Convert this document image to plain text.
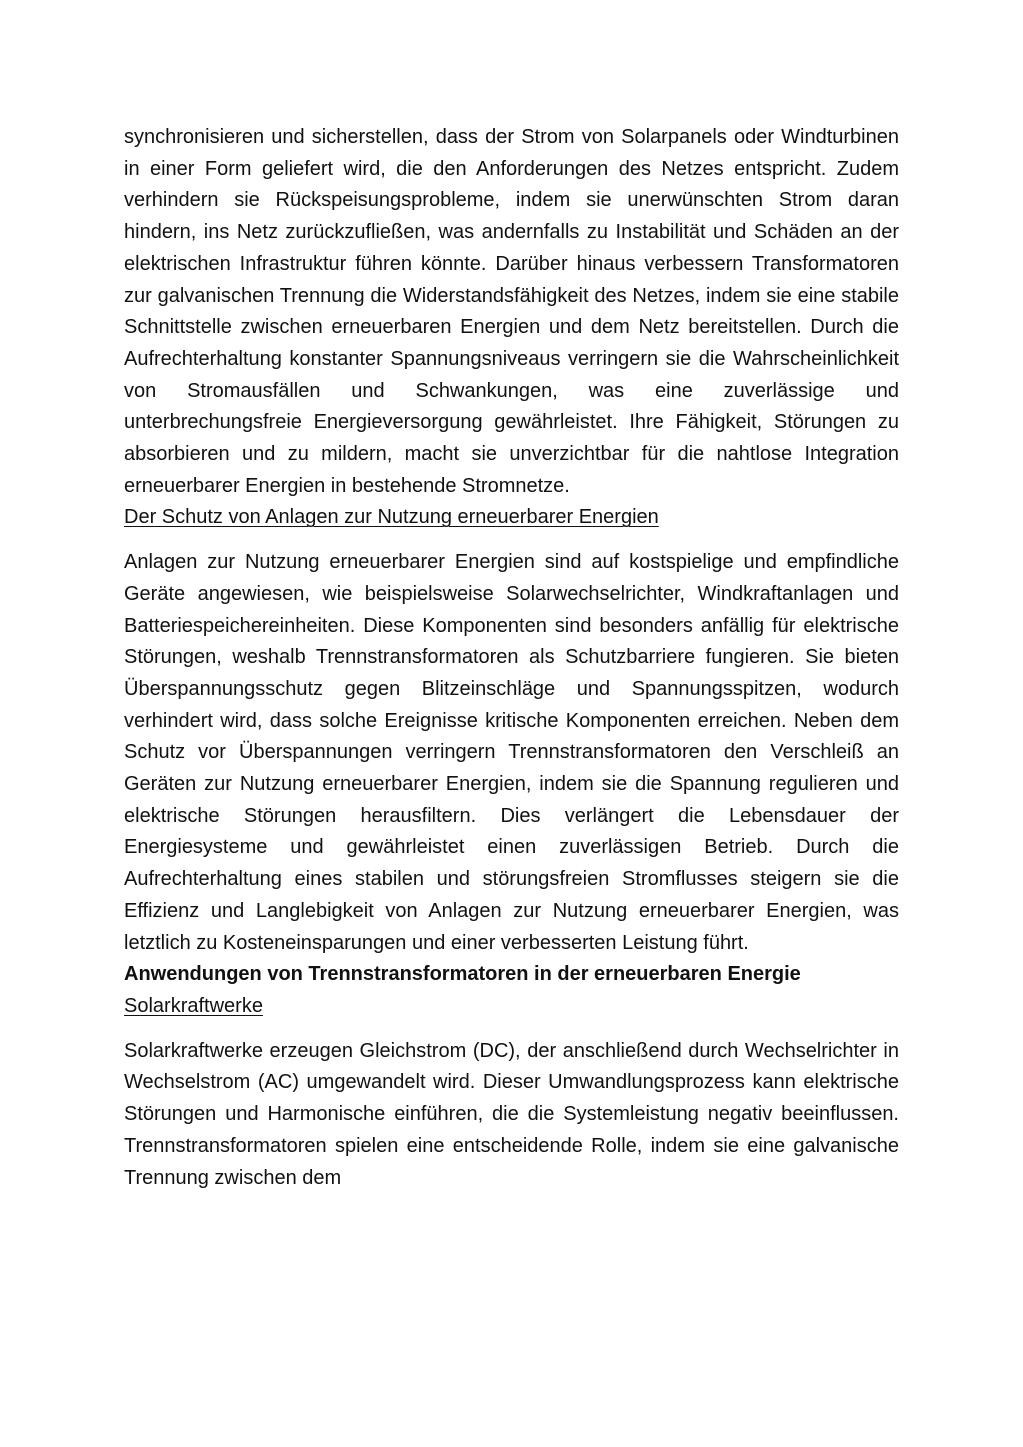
synchronisieren und sicherstellen, dass der Strom von Solarpanels oder Windturbinen in einer Form geliefert wird, die den Anforderungen des Netzes entspricht. Zudem verhindern sie Rückspeisungsprobleme, indem sie unerwünschten Strom daran hindern, ins Netz zurückzufließen, was andernfalls zu Instabilität und Schäden an der elektrischen Infrastruktur führen könnte. Darüber hinaus verbessern Transformatoren zur galvanischen Trennung die Widerstandsfähigkeit des Netzes, indem sie eine stabile Schnittstelle zwischen erneuerbaren Energien und dem Netz bereitstellen. Durch die Aufrechterhaltung konstanter Spannungsniveaus verringern sie die Wahrscheinlichkeit von Stromausfällen und Schwankungen, was eine zuverlässige und unterbrechungsfreie Energieversorgung gewährleistet. Ihre Fähigkeit, Störungen zu absorbieren und zu mildern, macht sie unverzichtbar für die nahtlose Integration erneuerbarer Energien in bestehende Stromnetze.

Der Schutz von Anlagen zur Nutzung erneuerbarer Energien

Anlagen zur Nutzung erneuerbarer Energien sind auf kostspielige und empfindliche Geräte angewiesen, wie beispielsweise Solarwechselrichter, Windkraftanlagen und Batteriespeichereinheiten. Diese Komponenten sind besonders anfällig für elektrische Störungen, weshalb Trennstransformatoren als Schutzbarriere fungieren. Sie bieten Überspannungsschutz gegen Blitzeinschläge und Spannungsspitzen, wodurch verhindert wird, dass solche Ereignisse kritische Komponenten erreichen. Neben dem Schutz vor Überspannungen verringern Trennstransformatoren den Verschleiß an Geräten zur Nutzung erneuerbarer Energien, indem sie die Spannung regulieren und elektrische Störungen herausfiltern. Dies verlängert die Lebensdauer der Energiesysteme und gewährleistet einen zuverlässigen Betrieb. Durch die Aufrechterhaltung eines stabilen und störungsfreien Stromflusses steigern sie die Effizienz und Langlebigkeit von Anlagen zur Nutzung erneuerbarer Energien, was letztlich zu Kosteneinsparungen und einer verbesserten Leistung führt.

Anwendungen von Trennstransformatoren in der erneuerbaren Energie

Solarkraftwerke

Solarkraftwerke erzeugen Gleichstrom (DC), der anschließend durch Wechselrichter in Wechselstrom (AC) umgewandelt wird. Dieser Umwandlungsprozess kann elektrische Störungen und Harmonische einführen, die die Systemleistung negativ beeinflussen. Trennstransformatoren spielen eine entscheidende Rolle, indem sie eine galvanische Trennung zwischen dem
